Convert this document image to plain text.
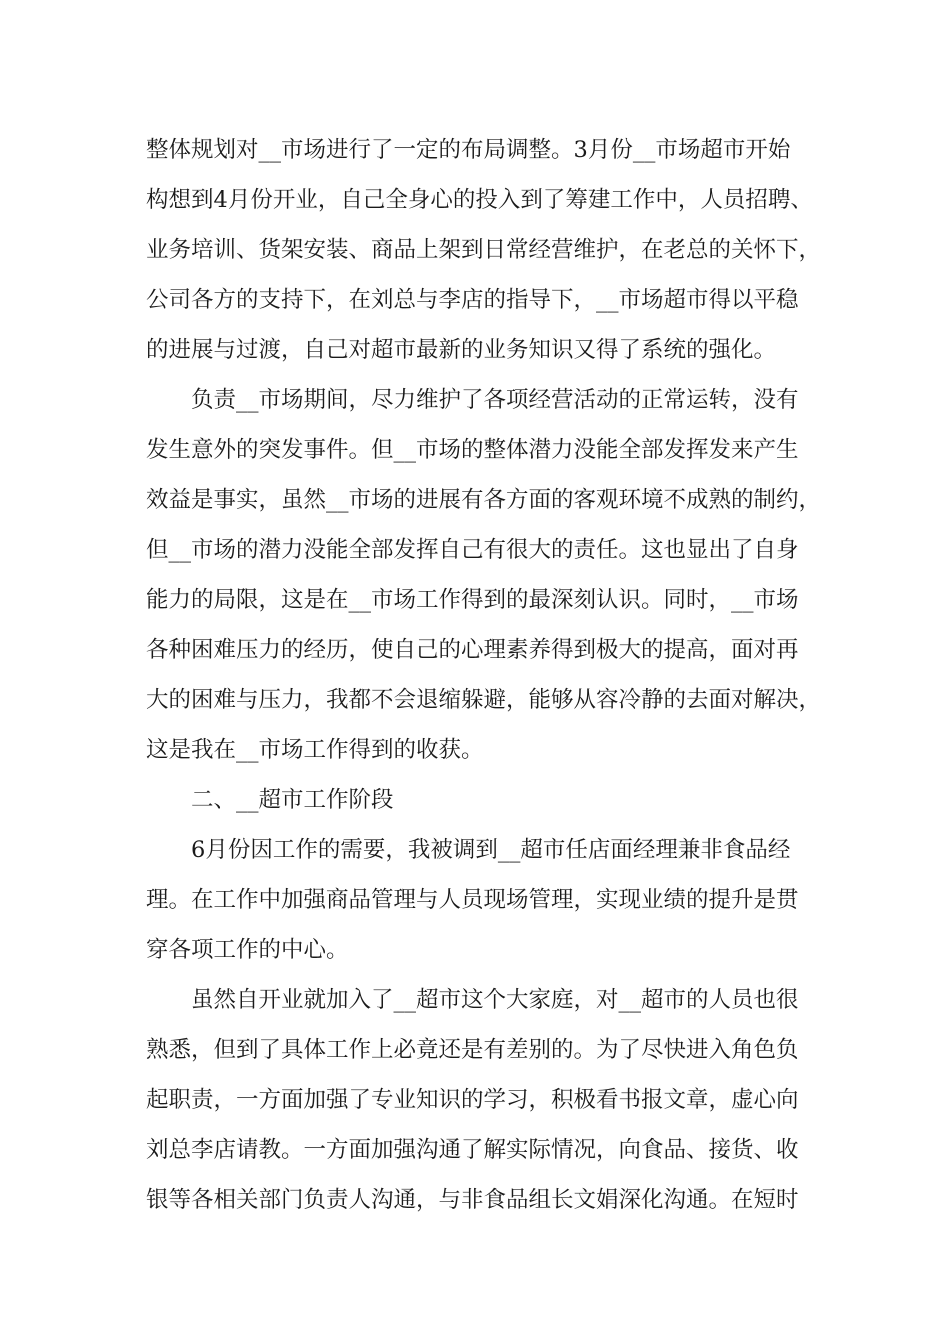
整体规划对__市场进行了一定的布局调整。3月份__市场超市开始
构想到4月份开业，自己全身心的投入到了筹建工作中，人员招聘、
业务培训、货架安装、商品上架到日常经营维护，在老总的关怀下，
公司各方的支持下，在刘总与李店的指导下，__市场超市得以平稳
的进展与过渡，自己对超市最新的业务知识又得了系统的强化。
负责__市场期间，尽力维护了各项经营活动的正常运转，没有
发生意外的突发事件。但__市场的整体潜力没能全部发挥发来产生
效益是事实，虽然__市场的进展有各方面的客观环境不成熟的制约，
但__市场的潜力没能全部发挥自己有很大的责任。这也显出了自身
能力的局限，这是在__市场工作得到的最深刻认识。同时，__市场
各种困难压力的经历，使自己的心理素养得到极大的提高，面对再
大的困难与压力，我都不会退缩躲避，能够从容冷静的去面对解决，
这是我在__市场工作得到的收获。
二、__超市工作阶段
6月份因工作的需要，我被调到__超市任店面经理兼非食品经
理。在工作中加强商品管理与人员现场管理，实现业绩的提升是贯
穿各项工作的中心。
虽然自开业就加入了__超市这个大家庭，对__超市的人员也很
熟悉，但到了具体工作上必竟还是有差别的。为了尽快进入角色负
起职责，一方面加强了专业知识的学习，积极看书报文章，虚心向
刘总李店请教。一方面加强沟通了解实际情况，向食品、接货、收
银等各相关部门负责人沟通，与非食品组长文娟深化沟通。在短时
